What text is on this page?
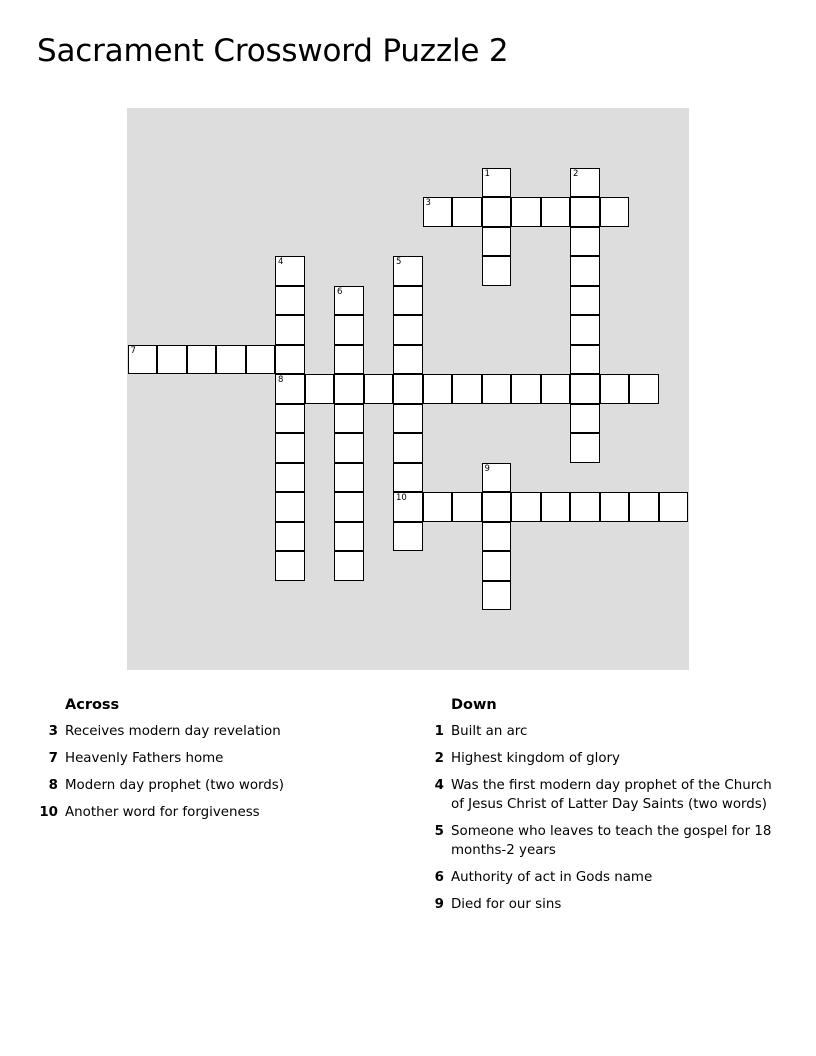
Sacrament Crossword Puzzle 2
Across
3 Receives modern day revelation
7 Heavenly Fathers home
8 Modern day prophet (two words)
10 Another word for forgiveness
Down
1 Built an arc
2 Highest kingdom of glory
4 Was the first modern day prophet of the Church of Jesus Christ of Latter Day Saints (two words)
5 Someone who leaves to teach the gospel for 18 months-2 years
6 Authority of act in Gods name
9 Died for our sins
1	2
3
4
8
5
10
6
7
9
